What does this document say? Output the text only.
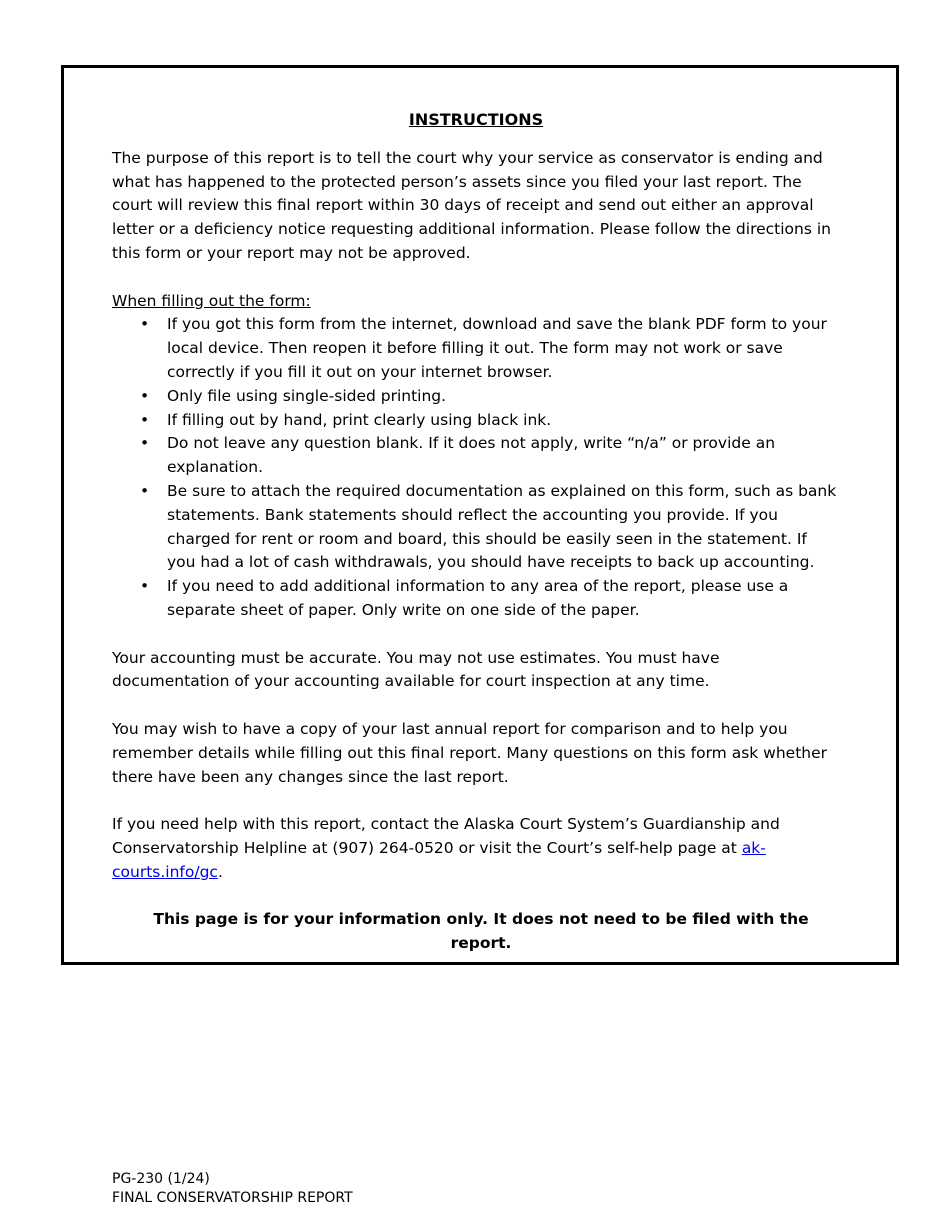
INSTRUCTIONS

The purpose of this report is to tell the court why your service as conservator is ending and what has happened to the protected person’s assets since you filed your last report. The court will review this final report within 30 days of receipt and send out either an approval letter or a deficiency notice requesting additional information. Please follow the directions in this form or your report may not be approved.

When filling out the form:

• If you got this form from the internet, download and save the blank PDF form to your local device. Then reopen it before filling it out. The form may not work or save correctly if you fill it out on your internet browser.
• Only file using single-sided printing.
• If filling out by hand, print clearly using black ink.
• Do not leave any question blank. If it does not apply, write “n/a” or provide an explanation.
• Be sure to attach the required documentation as explained on this form, such as bank statements. Bank statements should reflect the accounting you provide. If you charged for rent or room and board, this should be easily seen in the statement. If you had a lot of cash withdrawals, you should have receipts to back up accounting.
• If you need to add additional information to any area of the report, please use a separate sheet of paper. Only write on one side of the paper.

Your accounting must be accurate. You may not use estimates. You must have documentation of your accounting available for court inspection at any time.

You may wish to have a copy of your last annual report for comparison and to help you remember details while filling out this final report. Many questions on this form ask whether there have been any changes since the last report.

If you need help with this report, contact the Alaska Court System’s Guardianship and Conservatorship Helpline at (907) 264-0520 or visit the Court’s self-help page at ak-courts.info/gc.

This page is for your information only. It does not need to be filed with the report.

PG-230 (1/24)
FINAL CONSERVATORSHIP REPORT
